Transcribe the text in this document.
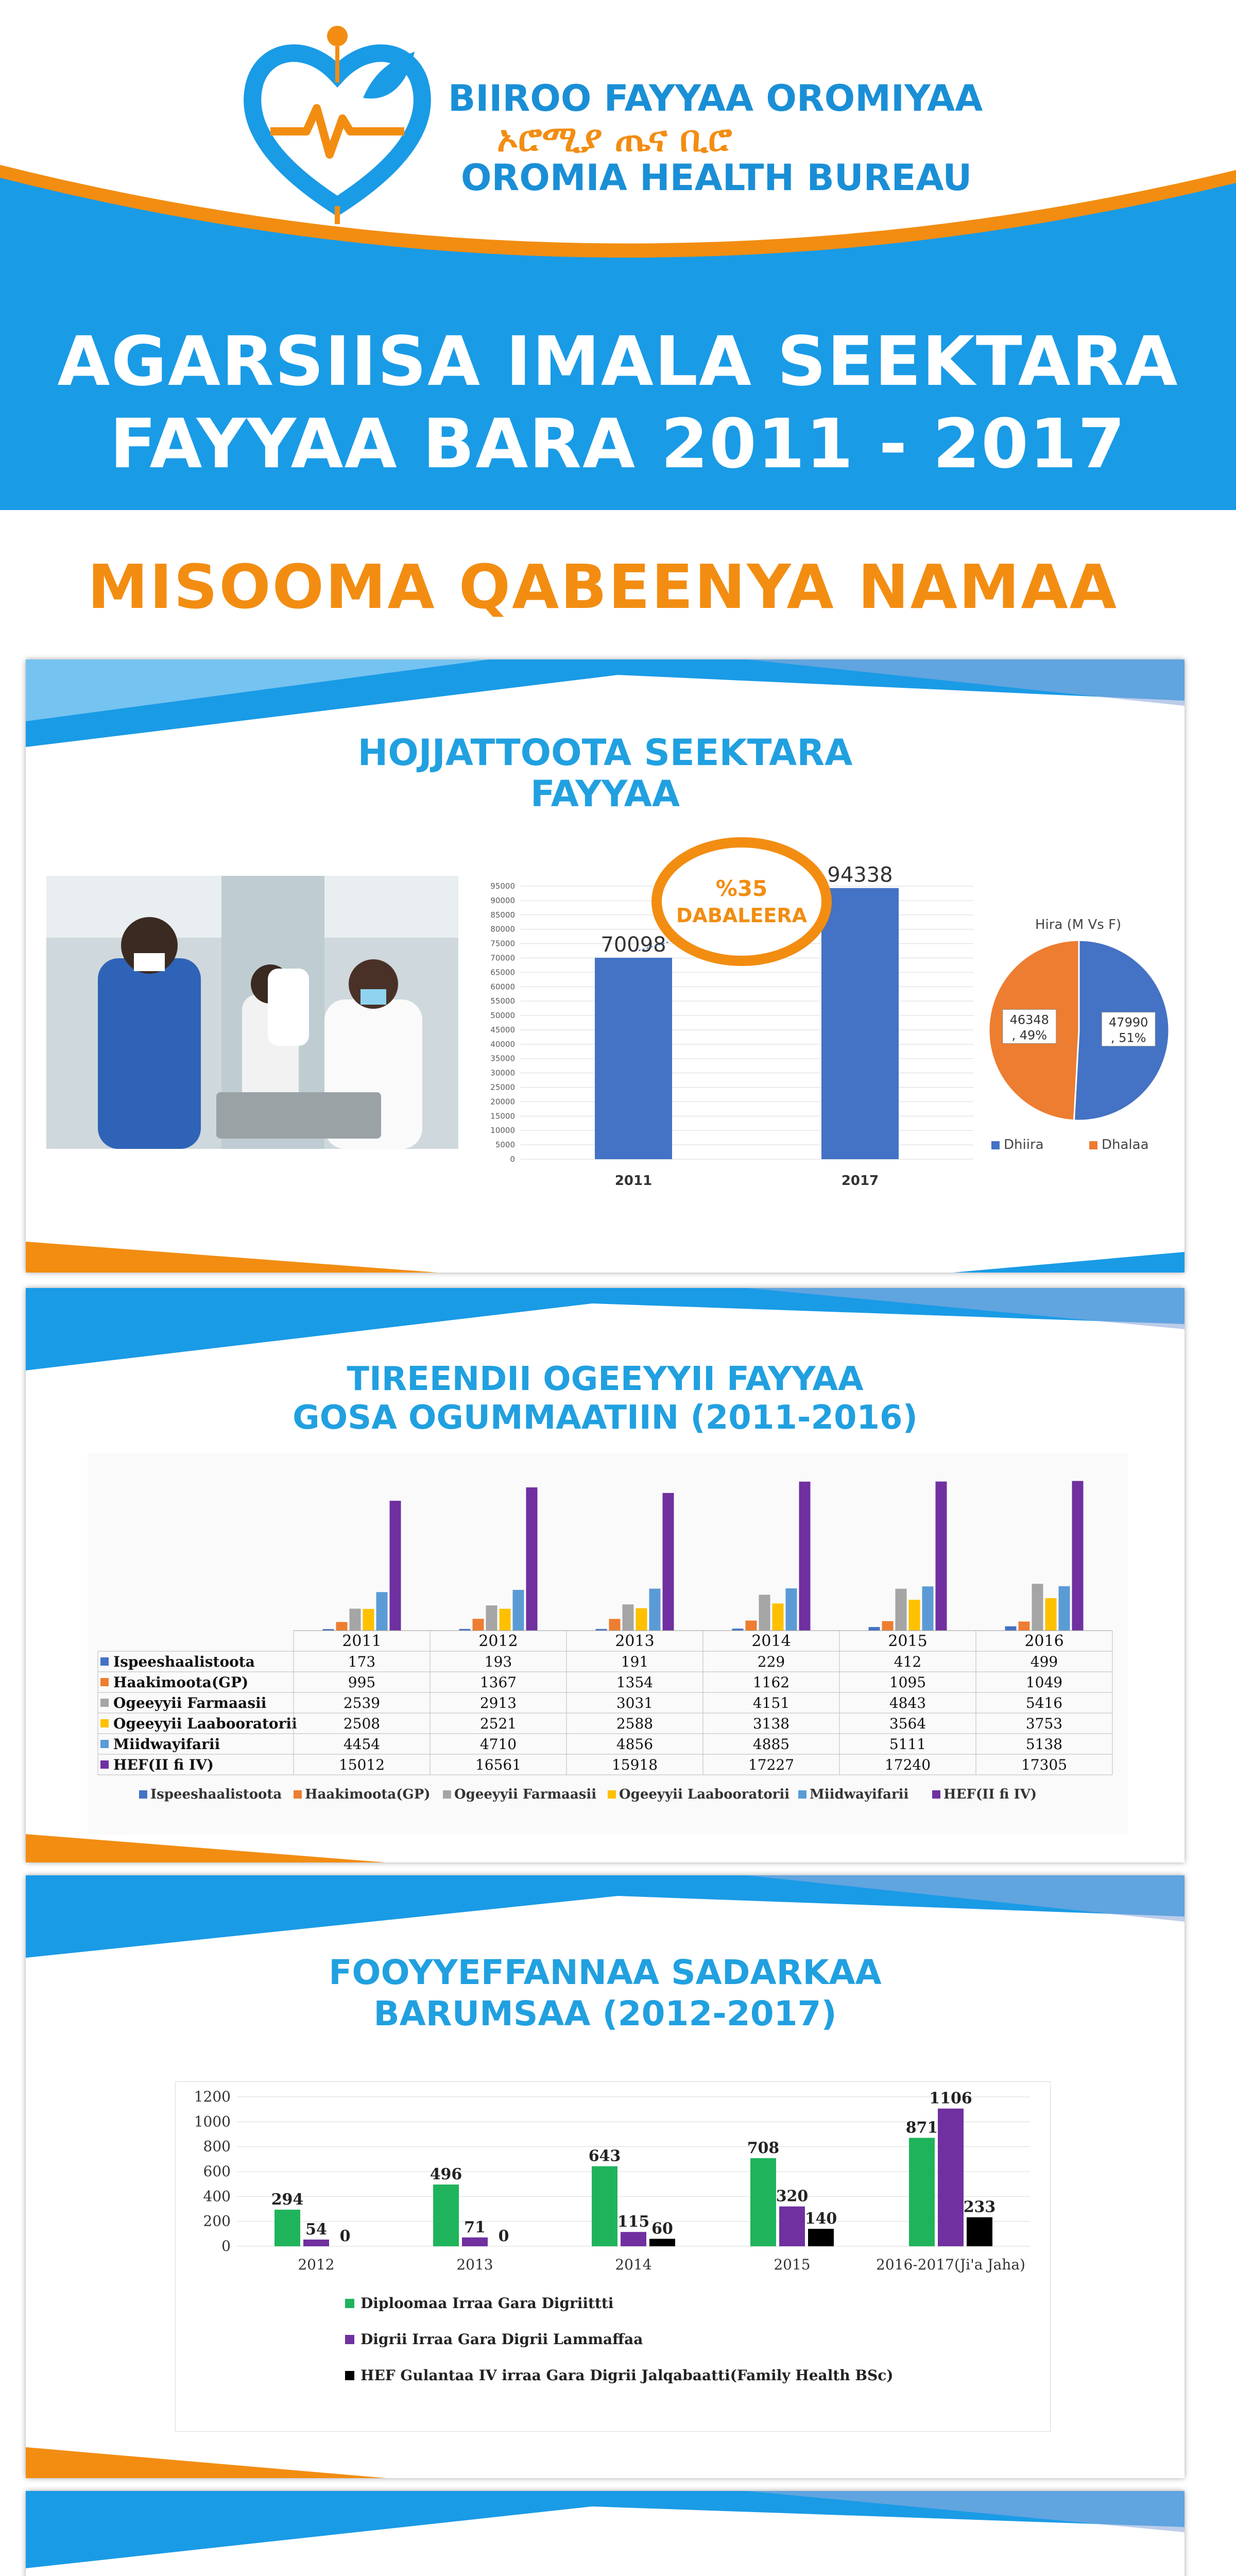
BIIROO FAYYAA OROMIYAA
ኦሮሚያ ጤና ቢሮ
OROMIA HEALTH BUREAU
AGARSIISA IMALA SEEKTARA
FAYYAA BARA 2011 - 2017
MISOOMA QABEENYA NAMAA
HOJJATTOOTA SEEKTARA
FAYYAA
0
5000
10000
15000
20000
25000
30000
35000
40000
45000
50000
55000
60000
65000
70000
75000
80000
85000
90000
95000
70098
94338
2011	2017
%35
DABALEERA	Hira (M Vs F)
47990
, 51%
46348
, 49%
Dhiira	Dhalaa
TIREENDII OGEEYYII FAYYAA
GOSA OGUMMAATIIN (2011-2016)
2011	2012	2013	2014	2015	2016
Ispeeshaalistoota	173	193	191	229	412	499
Haakimoota(GP)	995	1367	1354	1162	1095	1049
Ogeeyyii Farmaasii	2539	2913	3031	4151	4843	5416
Ogeeyyii Laabooratorii	2508	2521	2588	3138	3564	3753
Miidwayifarii	4454	4710	4856	4885	5111	5138
HEF(II fi IV)	15012	16561	15918	17227	17240	17305
Ispeeshaalistoota Haakimoota(GP) Ogeeyyii Farmaasii Ogeeyyii Laabooratorii Miidwayifarii	HEF(II fi IV)
FOOYYEFFANNAA SADARKAA
BARUMSAA (2012-2017)
0
200
400
600
800
1000
1200
294
54 0
496
71 0
643
115 60
708
320
140
871
1106
233
2012	2013	2014	2015	2016-2017(Ji'a Jaha)
Diploomaa Irraa Gara Digriittti
Digrii Irraa Gara Digrii Lammaffaa
HEF Gulantaa IV irraa Gara Digrii Jalqabaatti(Family Health BSc)
